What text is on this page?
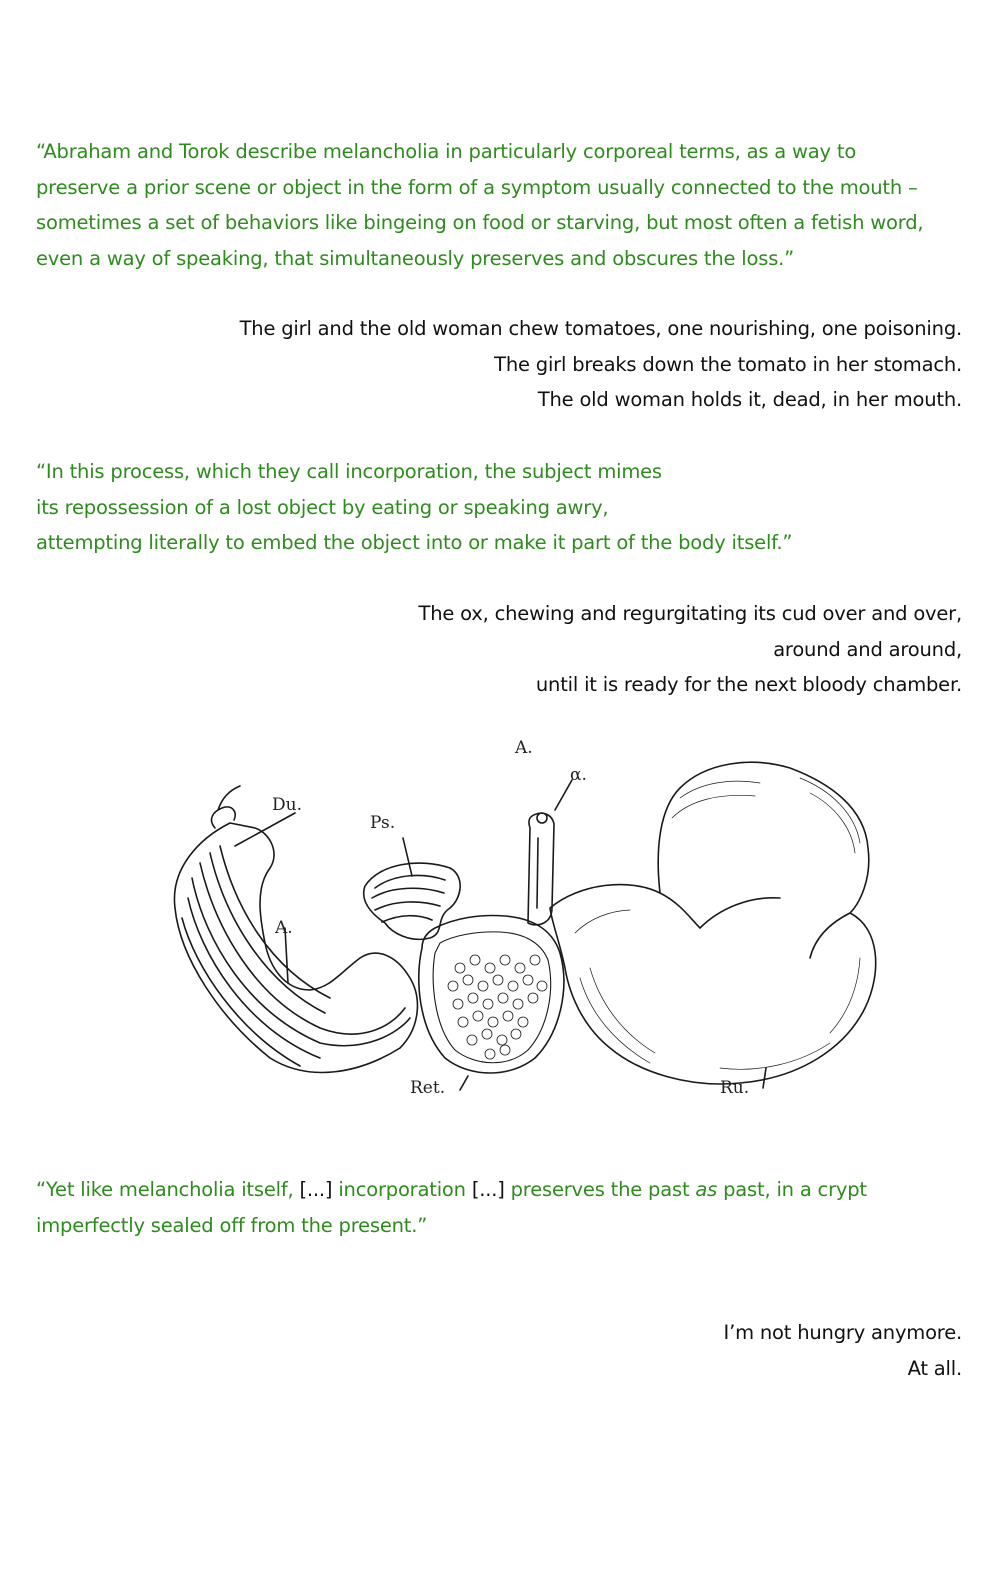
“Abraham and Torok describe melancholia in particularly corporeal terms, as a way to
preserve a prior scene or object in the form of a symptom usually connected to the mouth –
sometimes a set of behaviors like bingeing on food or starving, but most often a fetish word,
even a way of speaking, that simultaneously preserves and obscures the loss.”
The girl and the old woman chew tomatoes, one nourishing, one poisoning.
The girl breaks down the tomato in her stomach.
The old woman holds it, dead, in her mouth.
“In this process, which they call incorporation, the subject mimes
its repossession of a lost object by eating or speaking awry,
attempting literally to embed the object into or make it part of the body itself.”
The ox, chewing and regurgitating its cud over and over,
around and around,
until it is ready for the next bloody chamber.
A.
α.
Du.
Ps.
A.
Ret.	Ru.
“Yet like melancholia itself, [...] incorporation [...] preserves the past as past, in a crypt
imperfectly sealed off from the present.”
I’m not hungry anymore.
At all.
